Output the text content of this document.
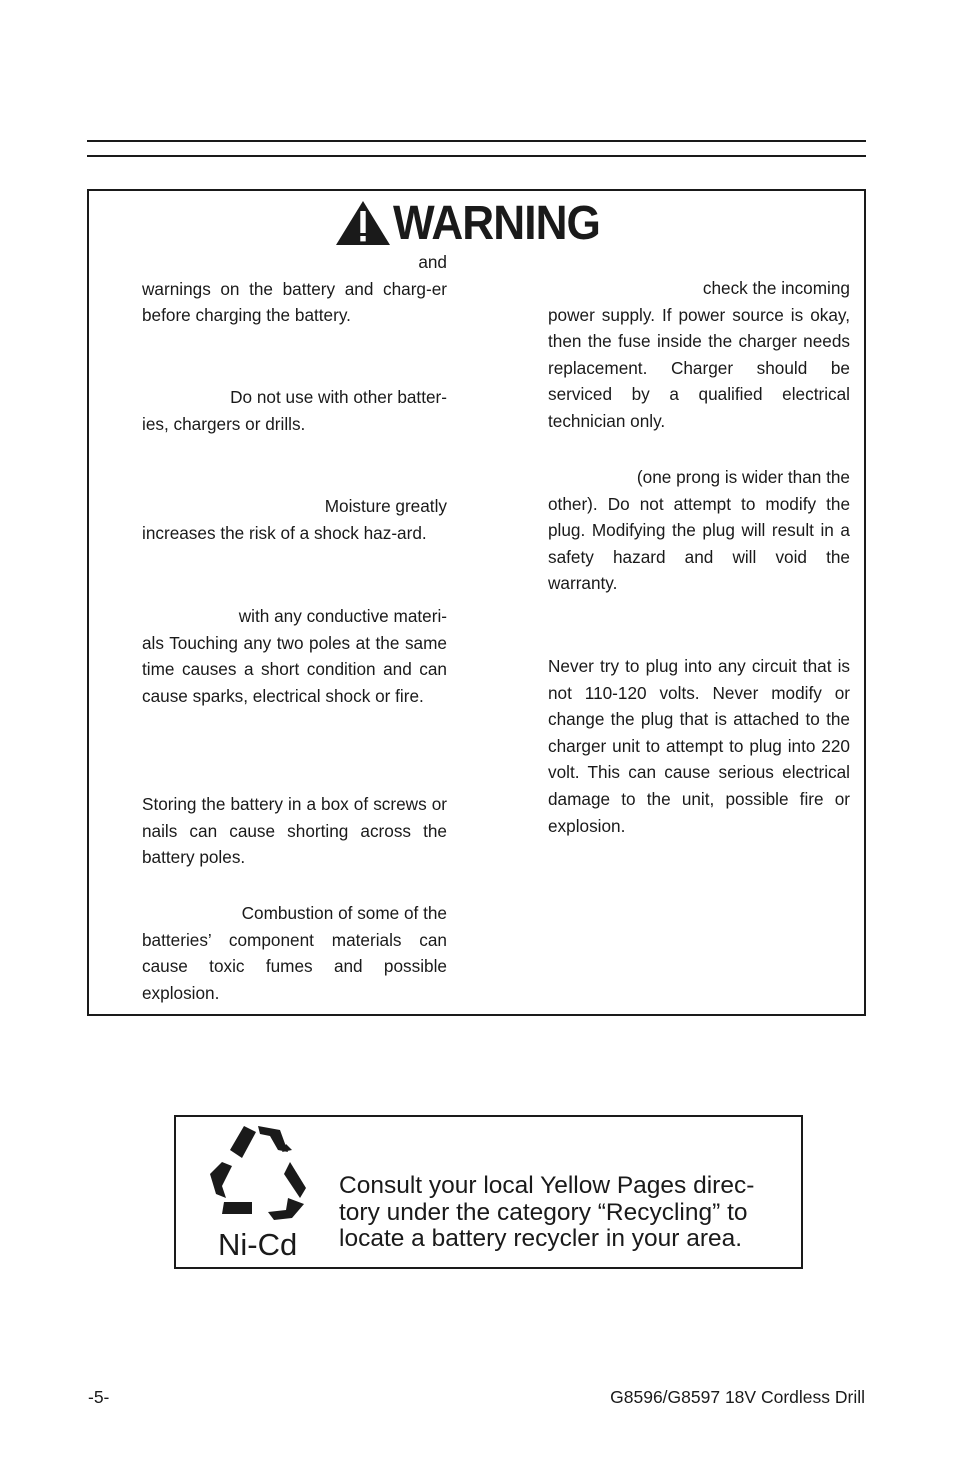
WARNING

and
warnings on the battery and charg-er before charging the battery.

Do not use with other batter-
ies, chargers or drills.

Moisture greatly
increases the risk of a shock haz-ard.

with any conductive materi-
als Touching any two poles at the same time causes a short condition and can cause sparks, electrical shock or fire.

Storing the battery in a box of screws or nails can cause shorting across the battery poles.

Combustion of some of the
batteries’ component materials can cause toxic fumes and possible explosion.

check the incoming
power supply. If power source is okay, then the fuse inside the charger needs replacement. Charger should be serviced by a qualified electrical technician only.

(one prong is wider than the
other). Do not attempt to modify the plug. Modifying the plug will result in a safety hazard and will void the warranty.

Never try to plug into any circuit that is not 110-120 volts. Never modify or change the plug that is attached to the charger unit to attempt to plug into 220 volt. This can cause serious electrical damage to the unit, possible fire or explosion.

Ni-Cd

Consult your local Yellow Pages direc-tory under the category “Recycling” to locate a battery recycler in your area.

-5-	G8596/G8597 18V Cordless Drill
